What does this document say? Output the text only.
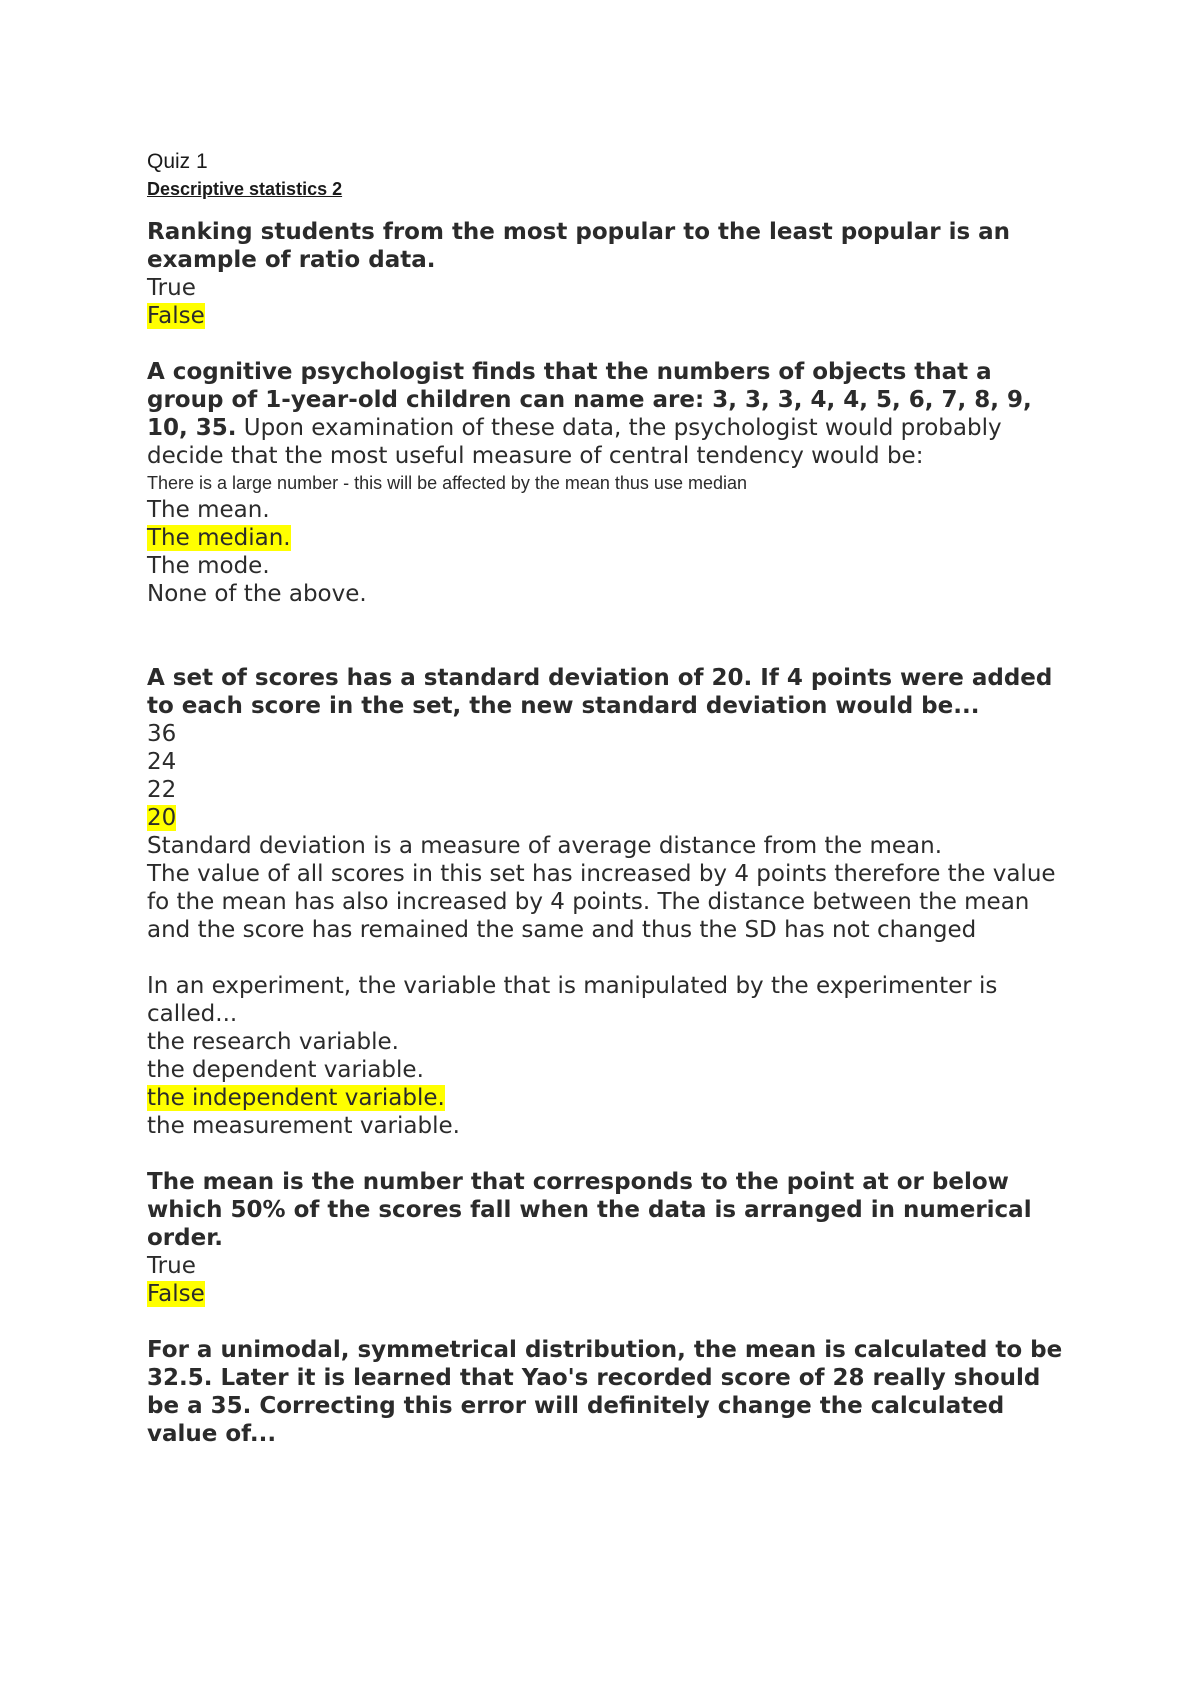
Quiz 1

Descriptive statistics 2

Ranking students from the most popular to the least popular is an example of ratio data.

True

False

A cognitive psychologist finds that the numbers of objects that a group of 1-year-old children can name are: 3, 3, 3, 4, 4, 5, 6, 7, 8, 9, 10, 35. Upon examination of these data, the psychologist would probably decide that the most useful measure of central tendency would be:

There is a large number - this will be affected by the mean thus use median

The mean.

The median.

The mode.

None of the above.

A set of scores has a standard deviation of 20. If 4 points were added to each score in the set, the new standard deviation would be...

36

24

22

20

Standard deviation is a measure of average distance from the mean.

The value of all scores in this set has increased by 4 points therefore the value fo the mean has also increased by 4 points. The distance between the mean and the score has remained the same and thus the SD has not changed

In an experiment, the variable that is manipulated by the experimenter is called...

the research variable.

the dependent variable.

the independent variable.

the measurement variable.

The mean is the number that corresponds to the point at or below which 50% of the scores fall when the data is arranged in numerical order.

True

False

For a unimodal, symmetrical distribution, the mean is calculated to be 32.5. Later it is learned that Yao's recorded score of 28 really should be a 35. Correcting this error will definitely change the calculated value of...
